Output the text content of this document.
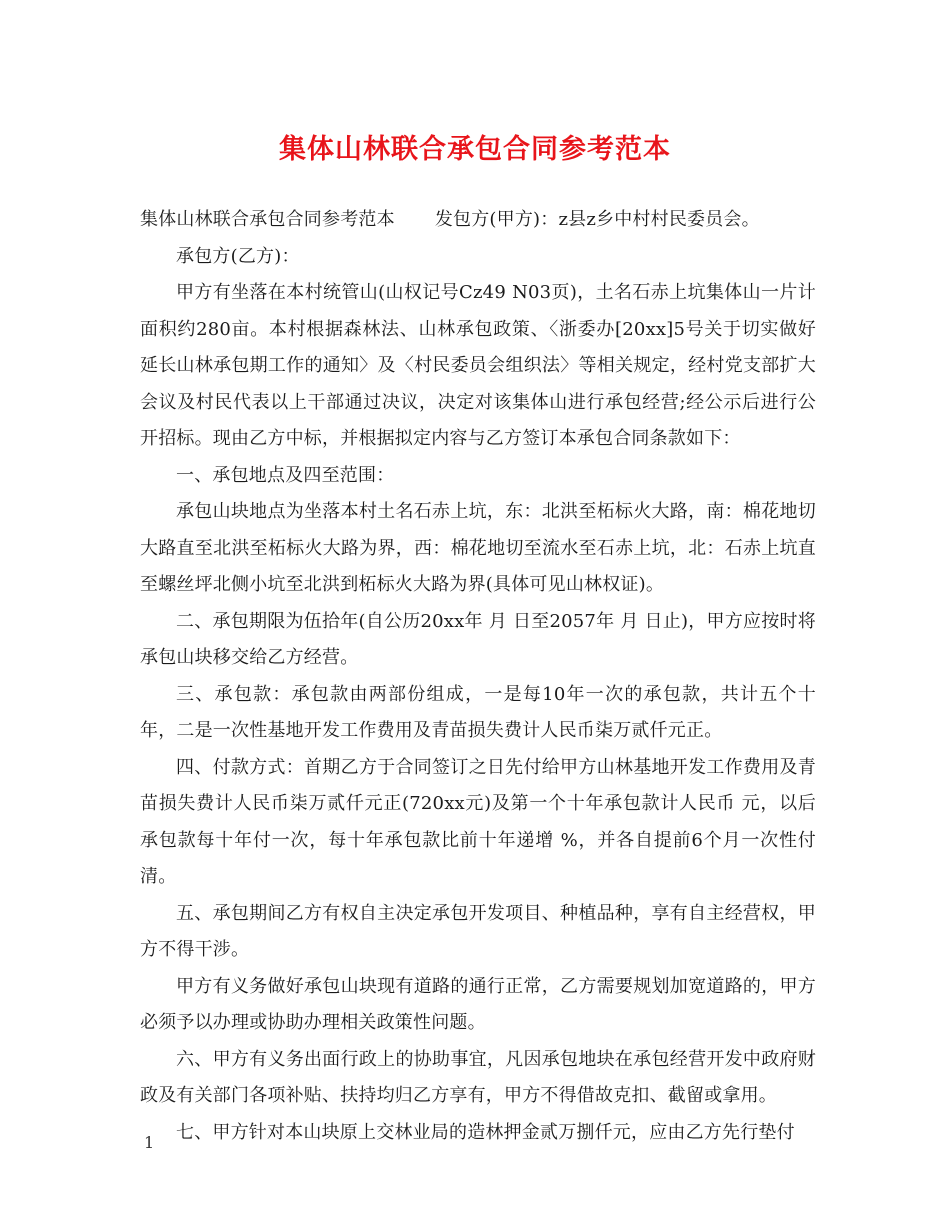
集体山林联合承包合同参考范本

集体山林联合承包合同参考范本 发包方(甲方)：z县z乡中村村民委员会。

承包方(乙方)：

甲方有坐落在本村统管山(山权记号Cz49 N03页)，土名石赤上坑集体山一片计面积约280亩。本村根据森林法、山林承包政策、〈浙委办[20xx]5号关于切实做好延长山林承包期工作的通知〉及〈村民委员会组织法〉等相关规定，经村党支部扩大会议及村民代表以上干部通过决议，决定对该集体山进行承包经营;经公示后进行公开招标。现由乙方中标，并根据拟定内容与乙方签订本承包合同条款如下：

一、承包地点及四至范围：

承包山块地点为坐落本村土名石赤上坑，东：北洪至柘标火大路，南：棉花地切大路直至北洪至柘标火大路为界，西：棉花地切至流水至石赤上坑，北：石赤上坑直至螺丝坪北侧小坑至北洪到柘标火大路为界(具体可见山林权证)。

二、承包期限为伍拾年(自公历20xx年 月 日至2057年 月 日止)，甲方应按时将承包山块移交给乙方经营。

三、承包款：承包款由两部份组成，一是每10年一次的承包款，共计五个十年，二是一次性基地开发工作费用及青苗损失费计人民币柒万贰仟元正。

四、付款方式：首期乙方于合同签订之日先付给甲方山林基地开发工作费用及青苗损失费计人民币柒万贰仟元正(720xx元)及第一个十年承包款计人民币 元，以后承包款每十年付一次，每十年承包款比前十年递增 %，并各自提前6个月一次性付清。

五、承包期间乙方有权自主决定承包开发项目、种植品种，享有自主经营权，甲方不得干涉。

甲方有义务做好承包山块现有道路的通行正常，乙方需要规划加宽道路的，甲方必须予以办理或协助办理相关政策性问题。

六、甲方有义务出面行政上的协助事宜，凡因承包地块在承包经营开发中政府财政及有关部门各项补贴、扶持均归乙方享有，甲方不得借故克扣、截留或拿用。

七、甲方针对本山块原上交林业局的造林押金贰万捌仟元，应由乙方先行垫付

1
